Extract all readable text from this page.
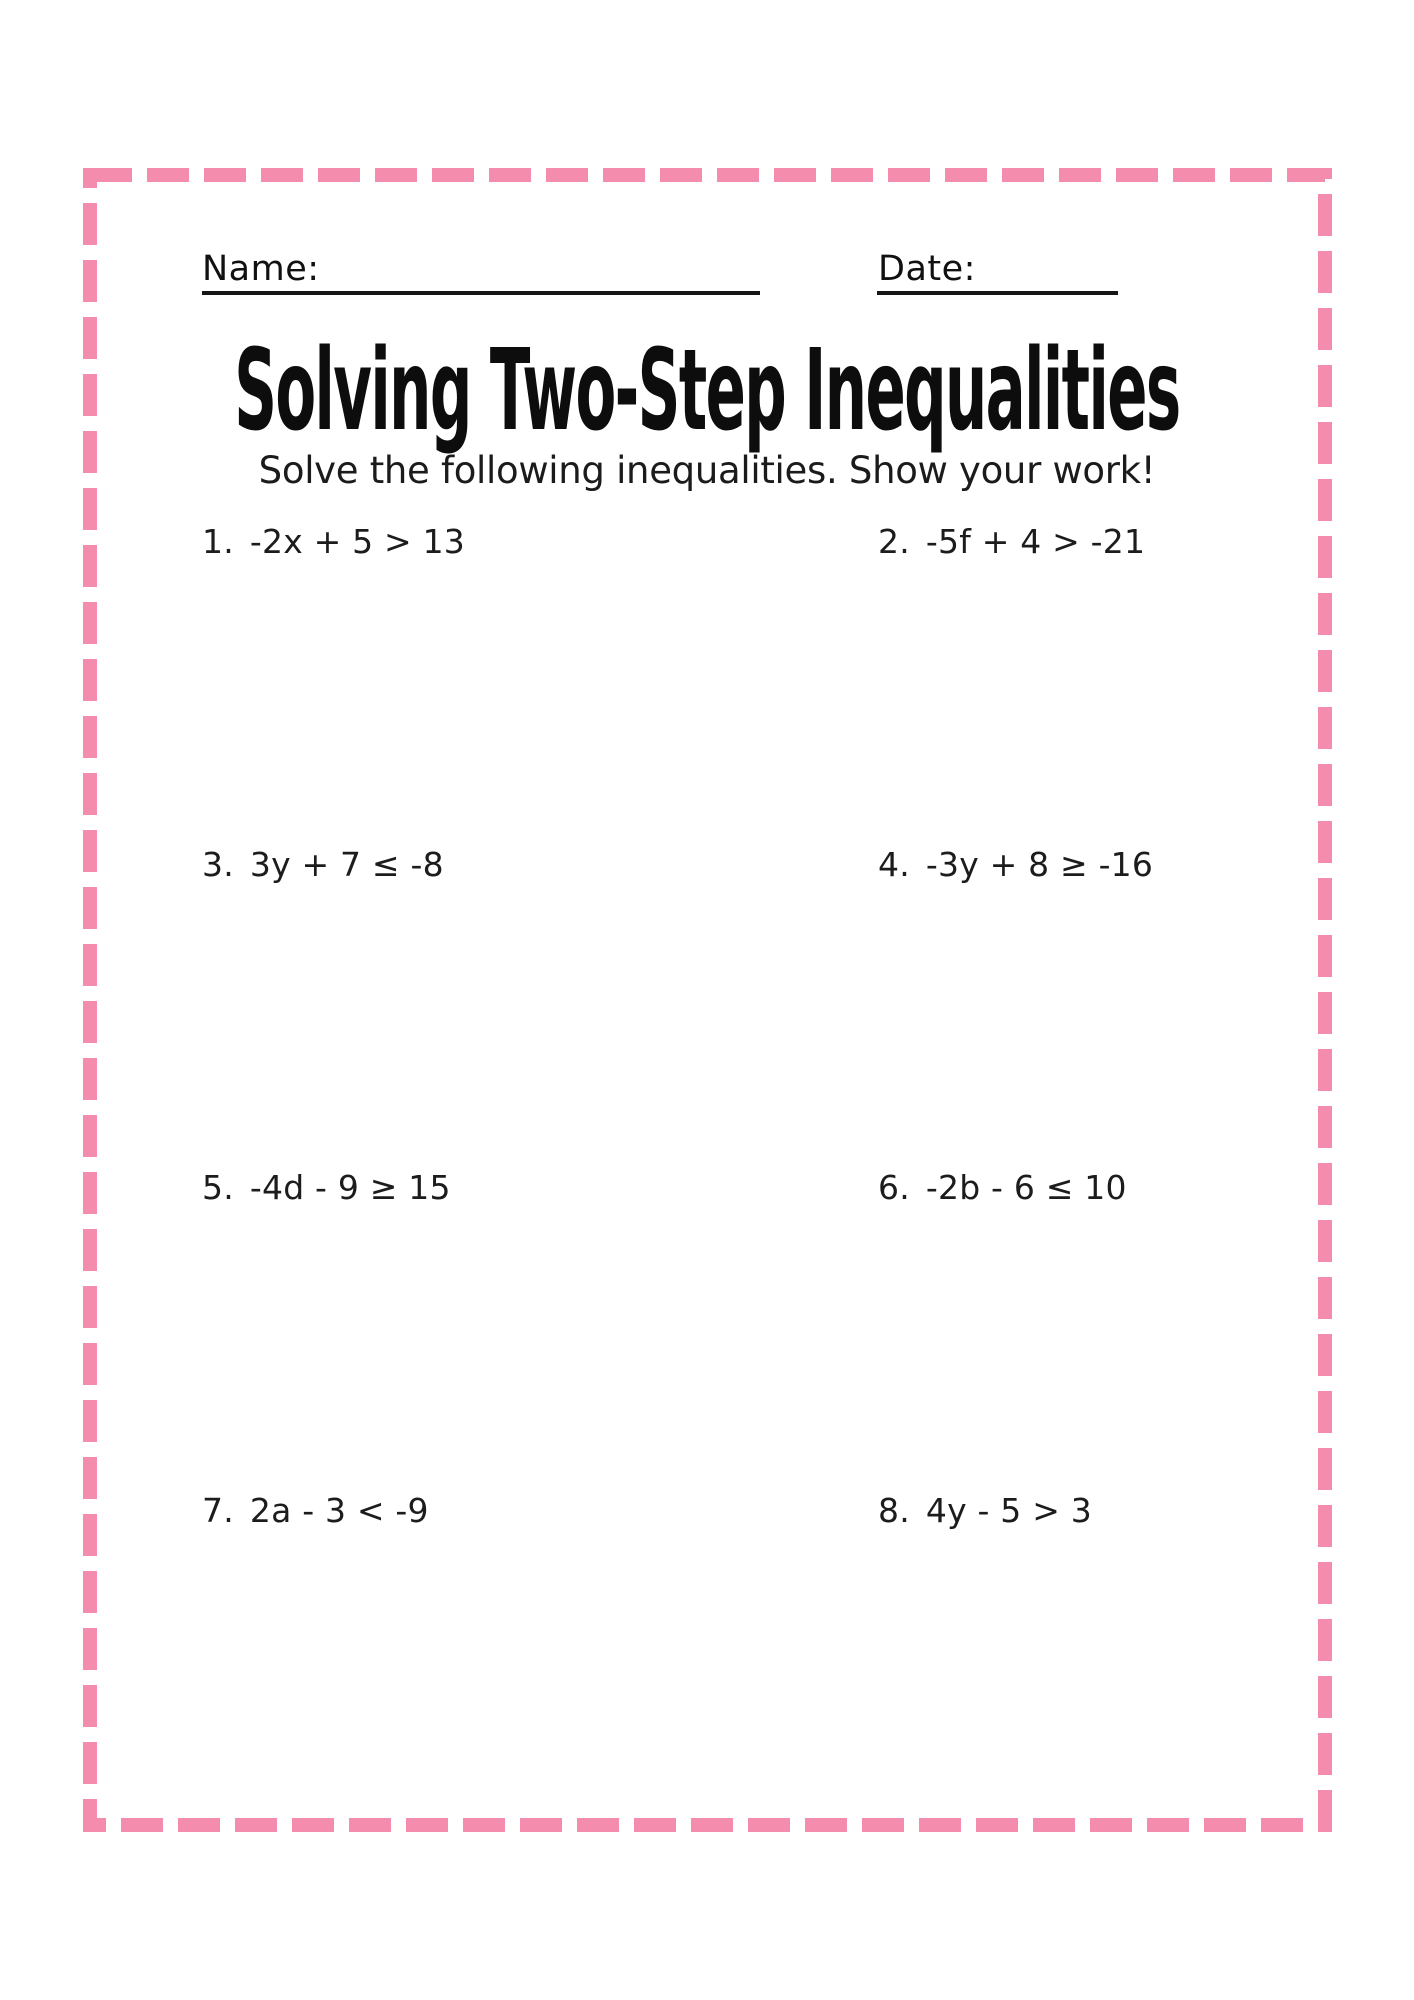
Name:	Date:
Solving Two-Step Inequalities
Solve the following inequalities. Show your work!
1. -2x + 5 > 13	2. -5f + 4 > -21
3. 3y + 7 ≤ -8	4. -3y + 8 ≥ -16
5. -4d - 9 ≥ 15	6. -2b - 6 ≤ 10
7. 2a - 3 < -9	8. 4y - 5 > 3
